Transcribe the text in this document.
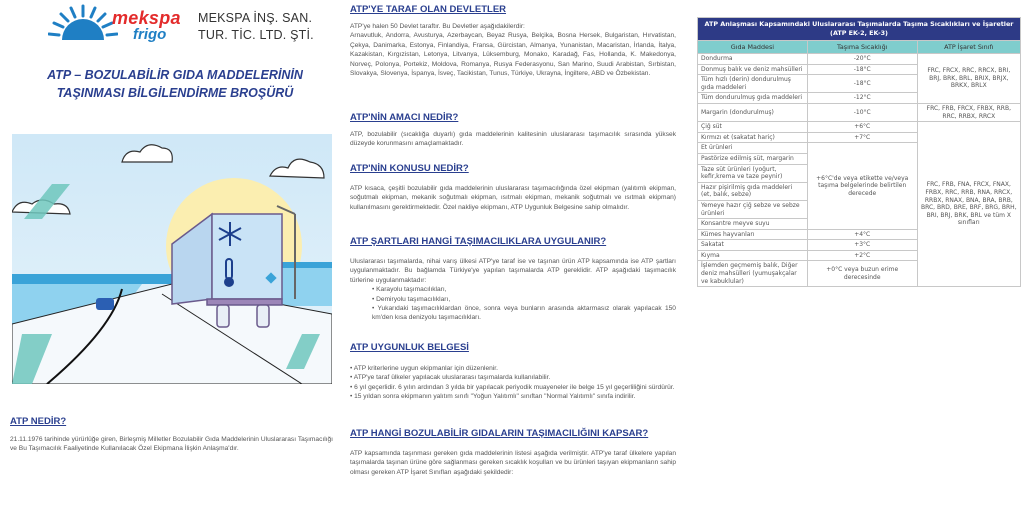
mekspa
frigo
MEKSPA İNŞ. SAN.
TUR. TİC. LTD. ŞTİ.
ATP – BOZULABİLİR GIDA MADDELERİNİN
TAŞINMASI BİLGİLENDİRME BROŞÜRÜ

ATP NEDİR?

21.11.1976 tarihinde yürürlüğe giren, Birleşmiş Milletler Bozulabilir Gıda Maddelerinin Uluslararası Taşımacılığı ve Bu Taşımacılık Faaliyetinde Kullanılacak Özel Ekipmana İlişkin Anlaşma'dır.

ATP'YE TARAF OLAN DEVLETLER

ATP'ye halen 50 Devlet taraftır. Bu Devletler aşağıdakilerdir:

Arnavutluk, Andorra, Avusturya, Azerbaycan, Beyaz Rusya, Belçika, Bosna Hersek, Bulgaristan, Hırvatistan, Çekya, Danimarka, Estonya, Finlandiya, Fransa, Gürcistan, Almanya, Yunanistan, Macaristan, İrlanda, İtalya, Kazakistan, Kırgızistan, Letonya, Litvanya, Lüksemburg, Monako, Karadağ, Fas, Hollanda, K. Makedonya, Norveç, Polonya, Portekiz, Moldova, Romanya, Rusya Federasyonu, San Marino, Suudi Arabistan, Sırbistan, Slovakya, Slovenya, İspanya, İsveç, Tacikistan, Tunus, Türkiye, Ukrayna, İngiltere, ABD ve Özbekistan.

ATP'NİN AMACI NEDİR?

ATP, bozulabilir (sıcaklığa duyarlı) gıda maddelerinin kalitesinin uluslararası taşımacılık sırasında yüksek düzeyde korunmasını amaçlamaktadır.

ATP'NİN KONUSU NEDİR?

ATP kısaca, çeşitli bozulabilir gıda maddelerinin uluslararası taşımacılığında özel ekipman (yalıtımlı ekipman, soğutmalı ekipman, mekanik soğutmalı ekipman, ısıtmalı ekipman, mekanik soğutmalı ve ısıtmalı ekipman) kullanılmasını gerektirmektedir. Özel nakliye ekipmanı, ATP Uygunluk Belgesine sahip olmalıdır.

ATP ŞARTLARI HANGİ TAŞIMACILIKLARA UYGULANIR?

Uluslararası taşımalarda, nihai varış ülkesi ATP'ye taraf ise ve taşınan ürün ATP kapsamında ise ATP şartları uygulanmaktadır. Bu bağlamda Türkiye'ye yapılan taşımalarda ATP gereklidir. ATP aşağıdaki taşımacılık türlerine uygulanmaktadır:

• Karayolu taşımacılıkları,
• Demiryolu taşımacılıkları,
• Yukarıdaki taşımacılıklardan önce, sonra veya bunların arasında aktarmasız olarak yapılacak 150 km'den kısa denizyolu taşımacılıkları.

ATP UYGUNLUK BELGESİ

• ATP kriterlerine uygun ekipmanlar için düzenlenir.
• ATP'ye taraf ülkeler yapılacak uluslararası taşımalarda kullanılabilir.
• 6 yıl geçerlidir. 6 yılın ardından 3 yılda bir yapılacak periyodik muayeneler ile belge 15 yıl geçerliliğini sürdürür.
• 15 yıldan sonra ekipmanın yalıtım sınıfı "Yoğun Yalıtımlı" sınıftan "Normal Yalıtımlı" sınıfa indirilir.

ATP HANGİ BOZULABİLİR GIDALARIN TAŞIMACILIĞINI KAPSAR?

ATP kapsamında taşınması gereken gıda maddelerinin listesi aşağıda verilmiştir. ATP'ye taraf ülkelere yapılan taşımalarda taşınan ürüne göre sağlanması gereken sıcaklık koşulları ve bu ürünleri taşıyan ekipmanların sahip olması gereken ATP İşaret Sınıfları aşağıdaki şekildedir:

ATP Anlaşması Kapsamındaki Uluslararası Taşımalarda Taşıma Sıcaklıkları ve İşaretler (ATP EK-2, EK-3)		
Gıda Maddesi	Taşıma Sıcaklığı	ATP İşaret Sınıfı
Dondurma	-20°C	FRC, FRCX, RRC, RRCX, BRI, BRJ, BRK, BRL, BRIX, BRJX, BRKX, BRLX
Donmuş balık ve deniz mahsülleri	-18°C	
Tüm hızlı (derin) dondurulmuş gıda maddeleri	-18°C	
Tüm dondurulmuş gıda maddeleri	-12°C	
Margarin (dondurulmuş)	-10°C	FRC, FRB, FRCX, FRBX, RRB, RRC, RRBX, RRCX
Çiğ süt	+6°C	FRC, FRB, FNA, FRCX, FNAX, FRBX, RRC, RRB, RNA, RRCX, RRBX, RNAX, BNA, BRA, BRB, BRC, BRD, BRE, BRF, BRG, BRH, BRI, BRJ, BRK, BRL ve tüm X sınıfları
Kırmızı et (sakatat hariç)	+7°C	
Et ürünleri	+6°C'de veya etikette ve/veya taşıma belgelerinde belirtilen derecede	
Pastörize edilmiş süt, margarin		
Taze süt ürünleri (yoğurt, kefir,krema ve taze peynir)		
Hazır pişirilmiş gıda maddeleri (et, balık, sebze)		
Yemeye hazır çiğ sebze ve sebze ürünleri		
Konsantre meyve suyu		
Kümes hayvanları	+4°C	
Sakatat	+3°C	
Kıyma	+2°C	
İşlemden geçmemiş balık, Diğer deniz mahsülleri (yumuşakçalar ve kabuklular)	+0°C veya buzun erime derecesinde	
